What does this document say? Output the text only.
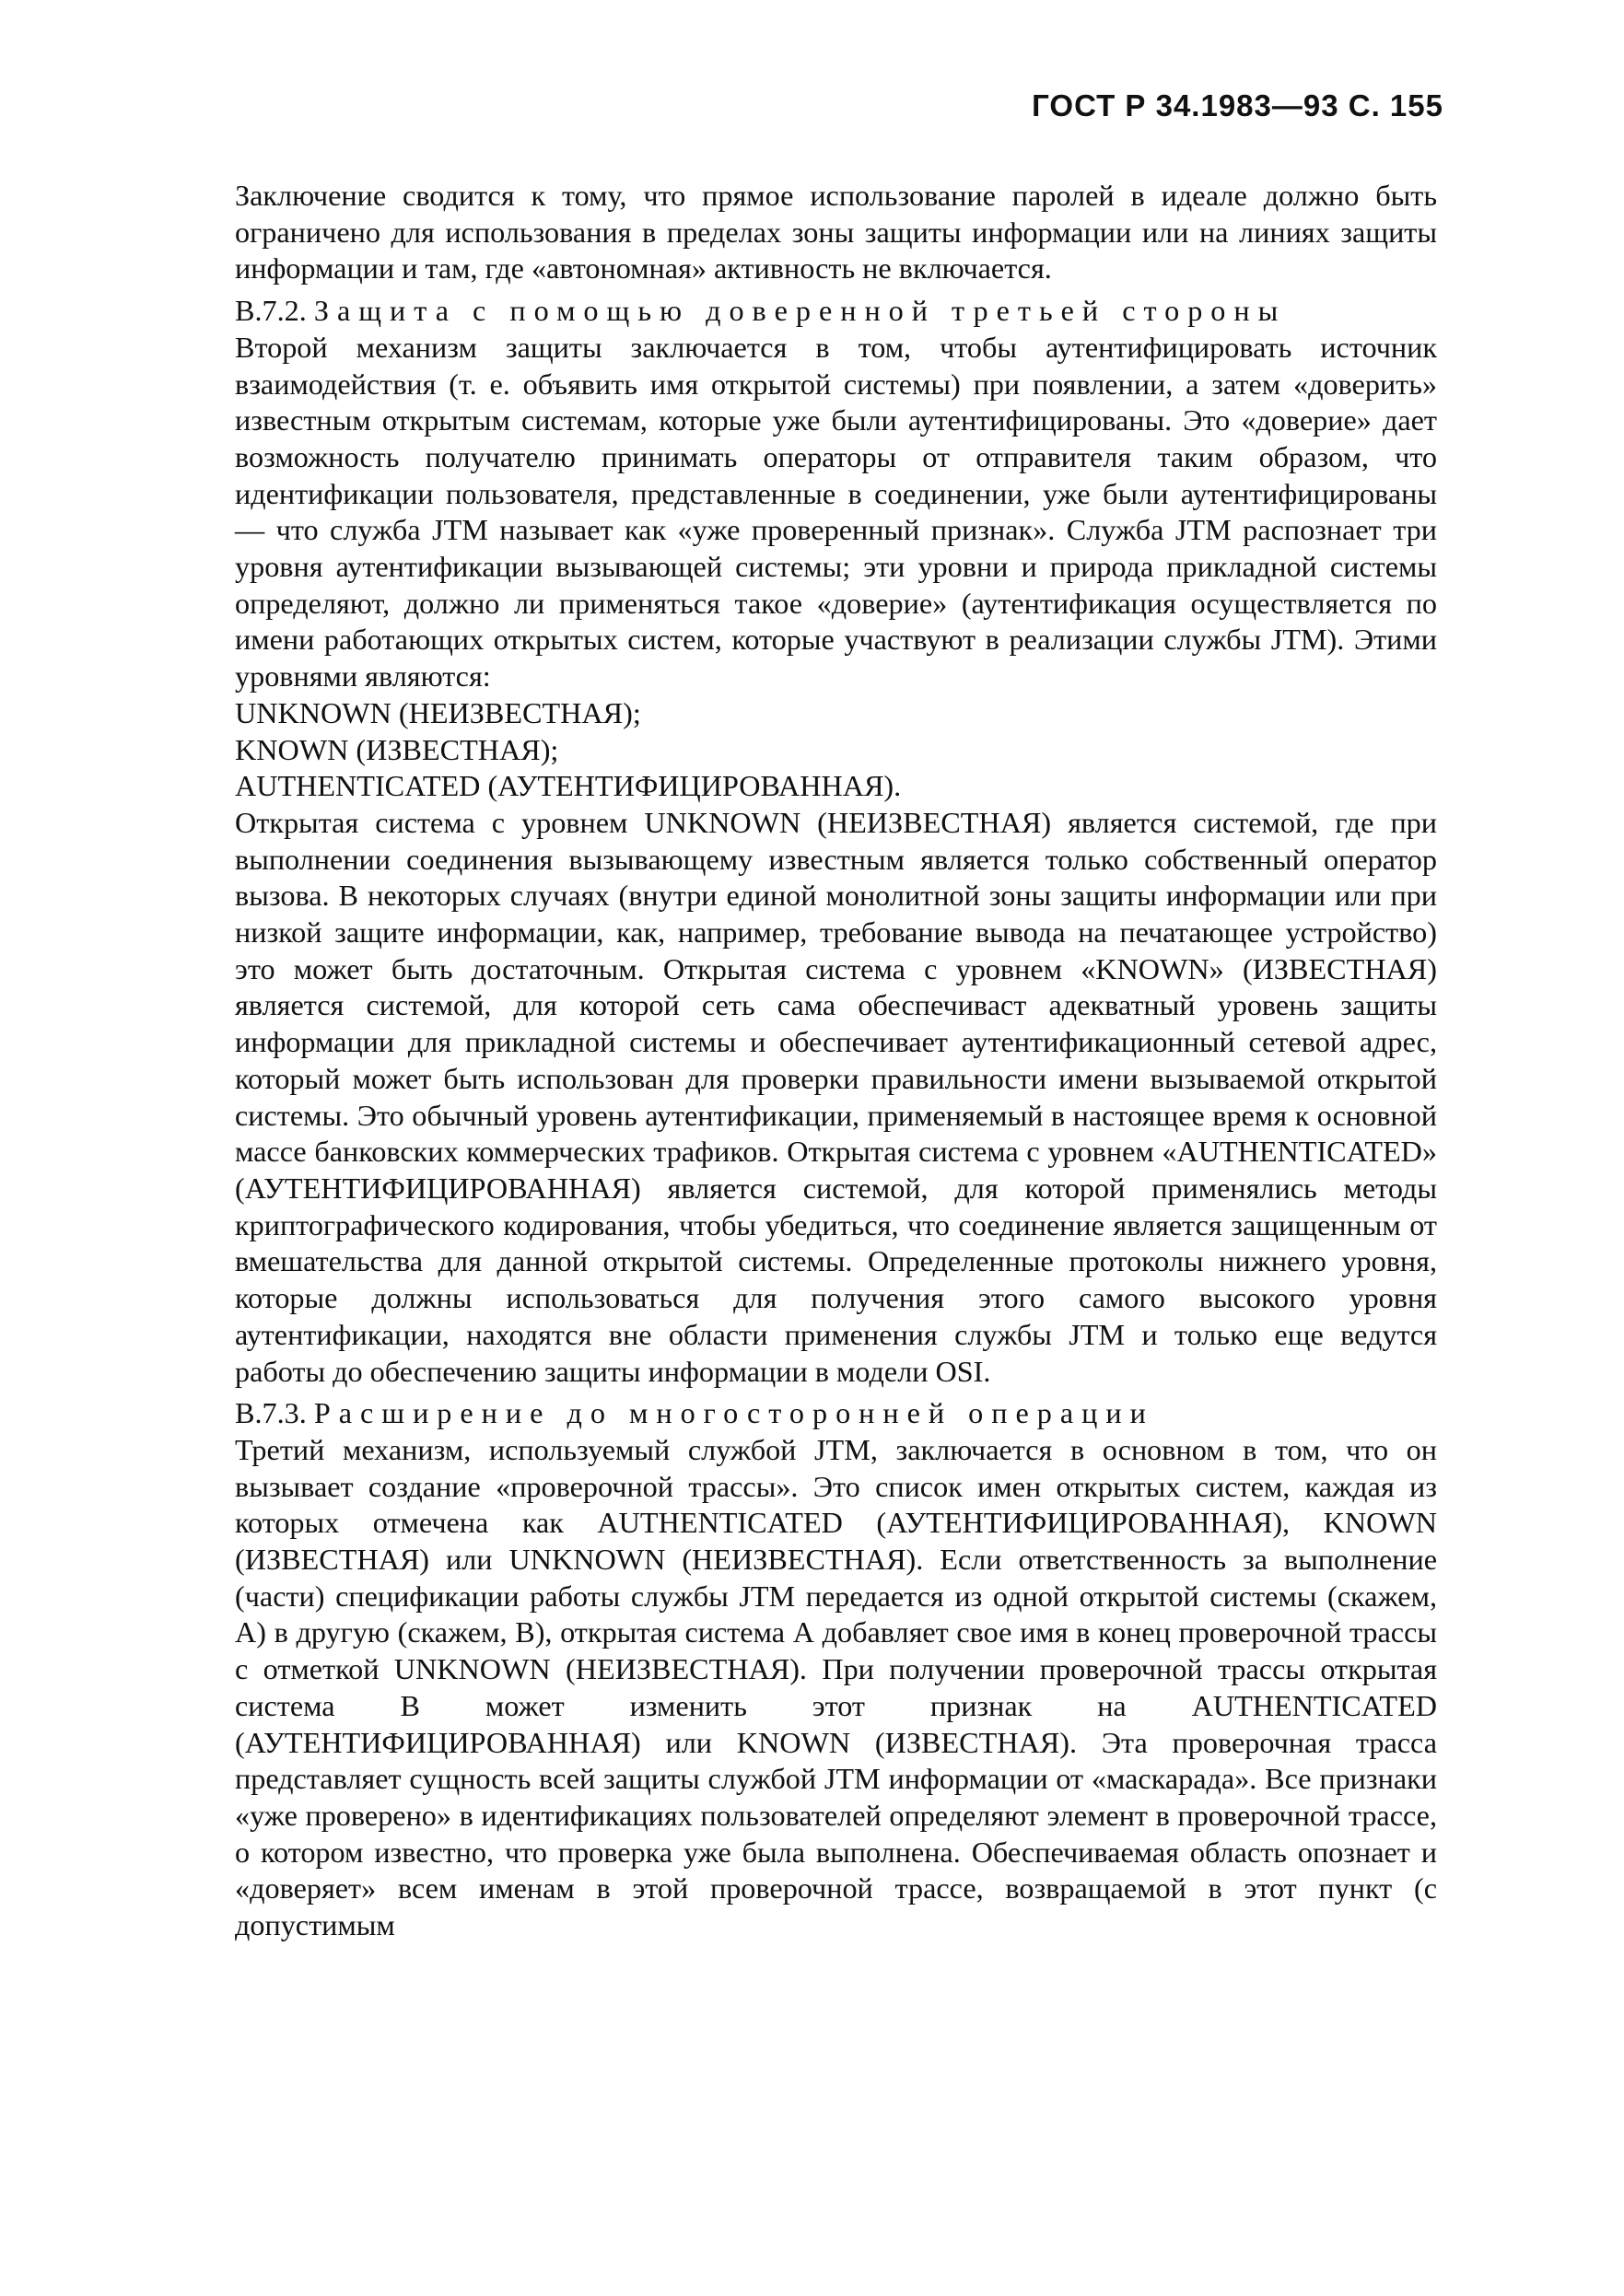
ГОСТ Р 34.1983—93 С. 155

Заключение сводится к тому, что прямое использование паролей в идеале должно быть ограничено для использования в пределах зоны защиты информации или на линиях защиты информации и там, где «автономная» активность не включается.

В.7.2. Защита с помощью доверенной третьей стороны

Второй механизм защиты заключается в том, чтобы аутентифицировать источник взаимодействия (т. е. объявить имя открытой системы) при появлении, а затем «доверить» известным открытым системам, которые уже были аутентифицированы. Это «доверие» дает возможность получателю принимать операторы от отправителя таким образом, что идентификации пользователя, представленные в соединении, уже были аутентифицированы — что служба JTM называет как «уже проверенный признак». Служба JTM распознает три уровня аутентификации вызывающей системы; эти уровни и природа прикладной системы определяют, должно ли применяться такое «доверие» (аутентификация осуществляется по имени работающих открытых систем, которые участвуют в реализации службы JTM). Этими уровнями являются:

UNKNOWN (НЕИЗВЕСТНАЯ);

KNOWN (ИЗВЕСТНАЯ);

AUTHENTICATED (АУТЕНТИФИЦИРОВАННАЯ).

Открытая система с уровнем UNKNOWN (НЕИЗВЕСТНАЯ) является системой, где при выполнении соединения вызывающему известным является только собственный оператор вызова. В некоторых случаях (внутри единой монолитной зоны защиты информации или при низкой защите информации, как, например, требование вывода на печатающее устройство) это может быть достаточным. Открытая система с уровнем «KNOWN» (ИЗВЕСТНАЯ) является системой, для которой сеть сама обеспечиваст адекватный уровень защиты информации для прикладной системы и обеспечивает аутентификационный сетевой адрес, который может быть использован для проверки правильности имени вызываемой открытой системы. Это обычный уровень аутентификации, применяемый в настоящее время к основной массе банковских коммерческих трафиков. Открытая система с уровнем «AUTHENTICATED» (АУТЕНТИФИЦИРОВАННАЯ) является системой, для которой применялись методы криптографического кодирования, чтобы убедиться, что соединение является защищенным от вмешательства для данной открытой системы. Определенные протоколы нижнего уровня, которые должны использоваться для получения этого самого высокого уровня аутентификации, находятся вне области применения службы JTM и только еще ведутся работы до обеспечению защиты информации в модели OSI.

В.7.3. Расширение до многосторонней операции

Третий механизм, используемый службой JTM, заключается в основном в том, что он вызывает создание «проверочной трассы». Это список имен открытых систем, каждая из которых отмечена как AUTHENTICATED (АУТЕНТИФИЦИРОВАННАЯ), KNOWN (ИЗВЕСТНАЯ) или UNKNOWN (НЕИЗВЕСТНАЯ). Если ответственность за выполнение (части) спецификации работы службы JTM передается из одной открытой системы (скажем, А) в другую (скажем, В), открытая система А добавляет свое имя в конец проверочной трассы с отметкой UNKNOWN (НЕИЗВЕСТНАЯ). При получении проверочной трассы открытая система В может изменить этот признак на AUTHENTICATED (АУТЕНТИФИЦИРОВАННАЯ) или KNOWN (ИЗВЕСТНАЯ). Эта проверочная трасса представляет сущность всей защиты службой JTM информации от «маскарада». Все признаки «уже проверено» в идентификациях пользователей определяют элемент в проверочной трассе, о котором известно, что проверка уже была выполнена. Обеспечиваемая область опознает и «доверяет» всем именам в этой проверочной трассе, возвращаемой в этот пункт (с допустимым
